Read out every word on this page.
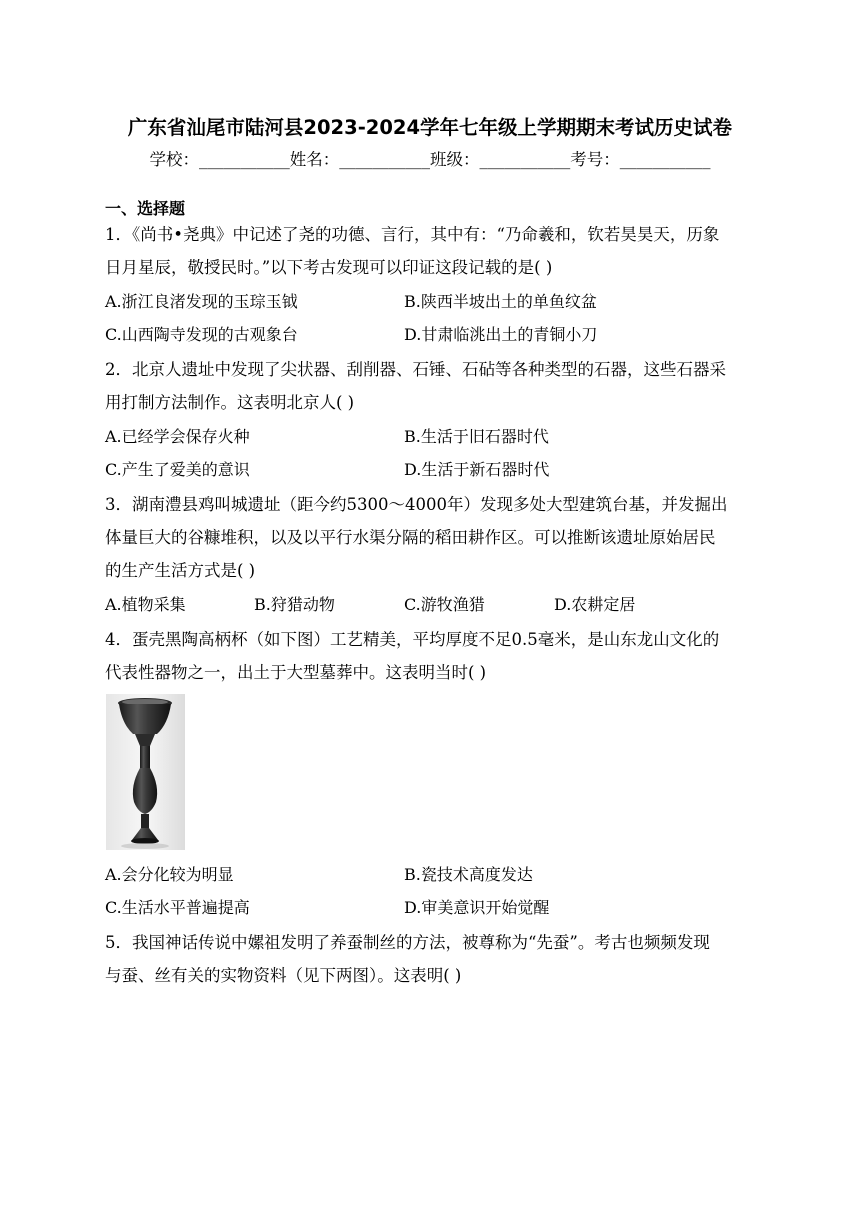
广东省汕尾市陆河县2023-2024学年七年级上学期期末考试历史试卷
学校：___________姓名：___________班级：___________考号：___________
一、选择题
1．《尚书•尧典》中记述了尧的功德、言行，其中有：“乃命羲和，钦若昊昊天，历象
日月星辰，敬授民时。”以下考古发现可以印证这段记载的是( )
A.浙江良渚发现的玉琮玉钺	B.陕西半坡出土的单鱼纹盆
C.山西陶寺发现的古观象台	D.甘肃临洮出土的青铜小刀
2．北京人遗址中发现了尖状器、刮削器、石锤、石砧等各种类型的石器，这些石器采
用打制方法制作。这表明北京人( )
A.已经学会保存火种	B.生活于旧石器时代
C.产生了爱美的意识	D.生活于新石器时代
3．湖南澧县鸡叫城遗址（距今约5300～4000年）发现多处大型建筑台基，并发掘出
体量巨大的谷糠堆积，以及以平行水渠分隔的稻田耕作区。可以推断该遗址原始居民
的生产生活方式是( )
A.植物采集	B.狩猎动物	C.游牧渔猎	D.农耕定居
4．蛋壳黑陶高柄杯（如下图）工艺精美，平均厚度不足0.5毫米，是山东龙山文化的
代表性器物之一，出土于大型墓葬中。这表明当时( )
A.会分化较为明显	B.瓷技术高度发达
C.生活水平普遍提高	D.审美意识开始觉醒
5．我国神话传说中嫘祖发明了养蚕制丝的方法，被尊称为“先蚕”。考古也频频发现
与蚕、丝有关的实物资料（见下两图）。这表明( )
